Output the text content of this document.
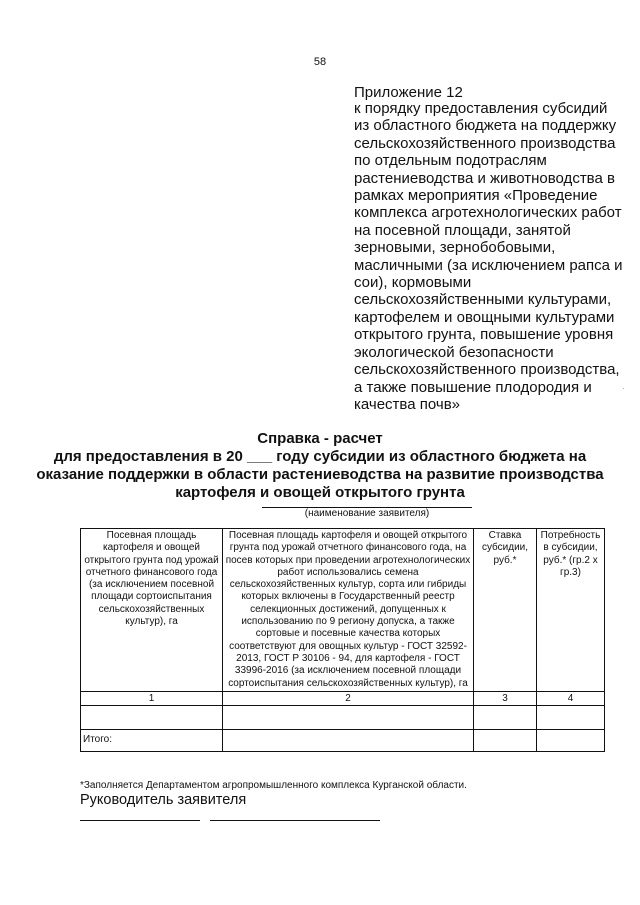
58
Приложение 12
к порядку предоставления субсидий
из областного бюджета на поддержку
сельскохозяйственного производства
по отдельным подотраслям
растениеводства и животноводства в
рамках мероприятия «Проведение
комплекса агротехнологических работ
на посевной площади, занятой
зерновыми, зернобобовыми,
масличными (за исключением рапса и
сои), кормовыми
сельскохозяйственными культурами,
картофелем и овощными культурами
открытого грунта, повышение уровня
экологической безопасности
сельскохозяйственного производства,
а также повышение плодородия и
качества почв»
Справка - расчет
для предоставления в 20 ___ году субсидии из областного бюджета на
оказание поддержки в области растениеводства на развитие производства
картофеля и овощей открытого грунта
(наименование заявителя)
Посевная площадь картофеля и овощей открытого грунта под урожай отчетного финансового года (за исключением посевной площади сортоиспытания сельскохозяйственных культур), га	Посевная площадь картофеля и овощей открытого грунта под урожай отчетного финансового года, на посев которых при проведении агротехнологических работ использовались семена сельскохозяйственных культур, сорта или гибриды которых включены в Государственный реестр селекционных достижений, допущенных к использованию по 9 региону допуска, а также сортовые и посевные качества которых соответствуют для овощных культур - ГОСТ 32592-2013, ГОСТ Р 30106 - 94, для картофеля - ГОСТ 33996-2016 (за исключением посевной площади сортоиспытания сельскохозяйственных культур), га	Ставка субсидии, руб.*	Потребность в субсидии, руб.* (гр.2 х гр.3)
1	2	3	4

Итого:			
*Заполняется Департаментом агропромышленного комплекса Курганской области.
Руководитель заявителя
·
